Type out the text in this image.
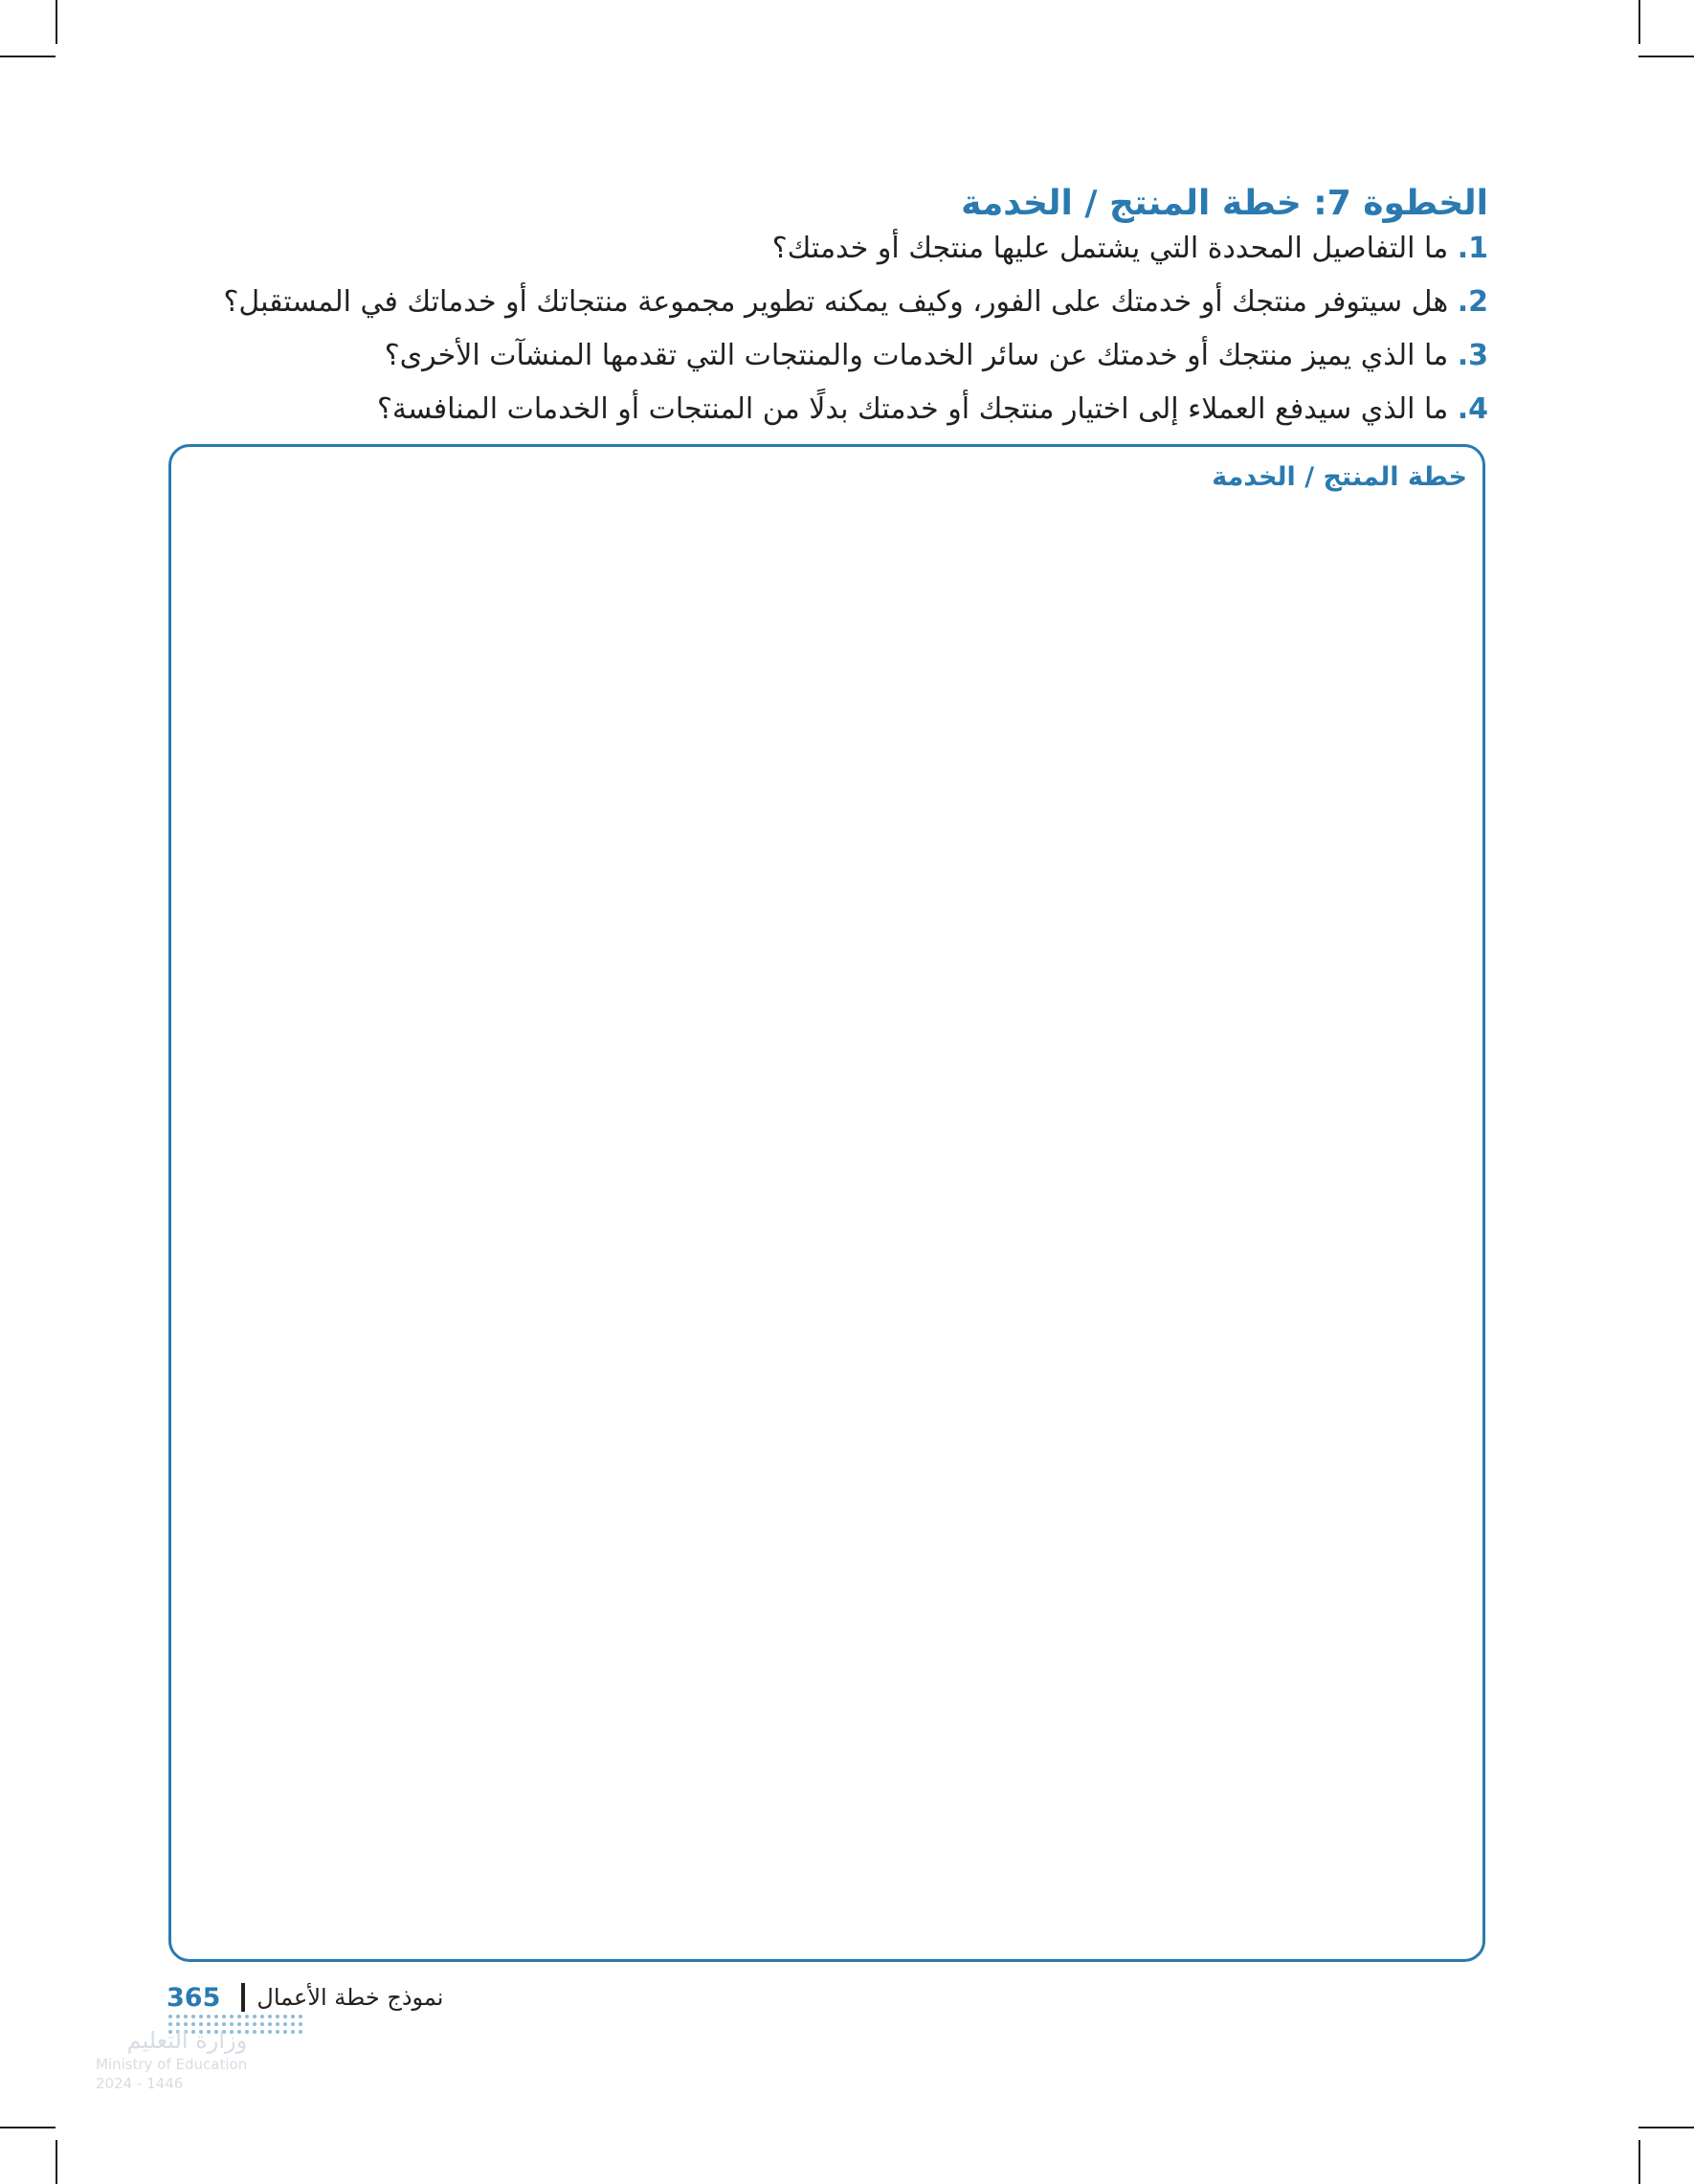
الخطوة 7: خطة المنتج / الخدمة
1. ما التفاصيل المحددة التي يشتمل عليها منتجك أو خدمتك؟
2. هل سيتوفر منتجك أو خدمتك على الفور، وكيف يمكنه تطوير مجموعة منتجاتك أو خدماتك في المستقبل؟
3. ما الذي يميز منتجك أو خدمتك عن سائر الخدمات والمنتجات التي تقدمها المنشآت الأخرى؟
4. ما الذي سيدفع العملاء إلى اختيار منتجك أو خدمتك بدلًا من المنتجات أو الخدمات المنافسة؟
خطة المنتج / الخدمة
365 نموذج خطة الأعمال
وزارة التعليم
Ministry of Education
2024 - 1446
